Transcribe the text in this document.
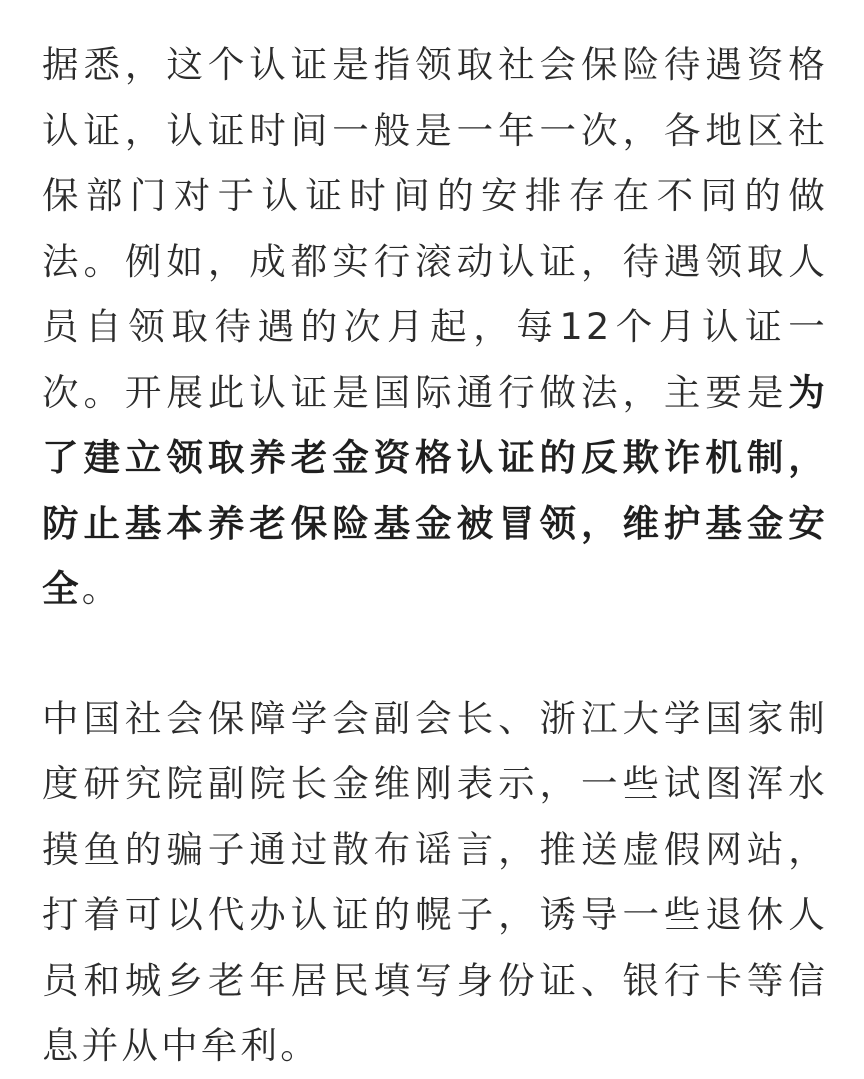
据悉，这个认证是指领取社会保险待遇资格认证，认证时间一般是一年一次，各地区社保部门对于认证时间的安排存在不同的做法。例如，成都实行滚动认证，待遇领取人员自领取待遇的次月起，每12个月认证一次。开展此认证是国际通行做法，主要是为了建立领取养老金资格认证的反欺诈机制，防止基本养老保险基金被冒领，维护基金安全。

中国社会保障学会副会长、浙江大学国家制度研究院副院长金维刚表示，一些试图浑水摸鱼的骗子通过散布谣言，推送虚假网站，打着可以代办认证的幌子，诱导一些退休人员和城乡老年居民填写身份证、银行卡等信息并从中牟利。
